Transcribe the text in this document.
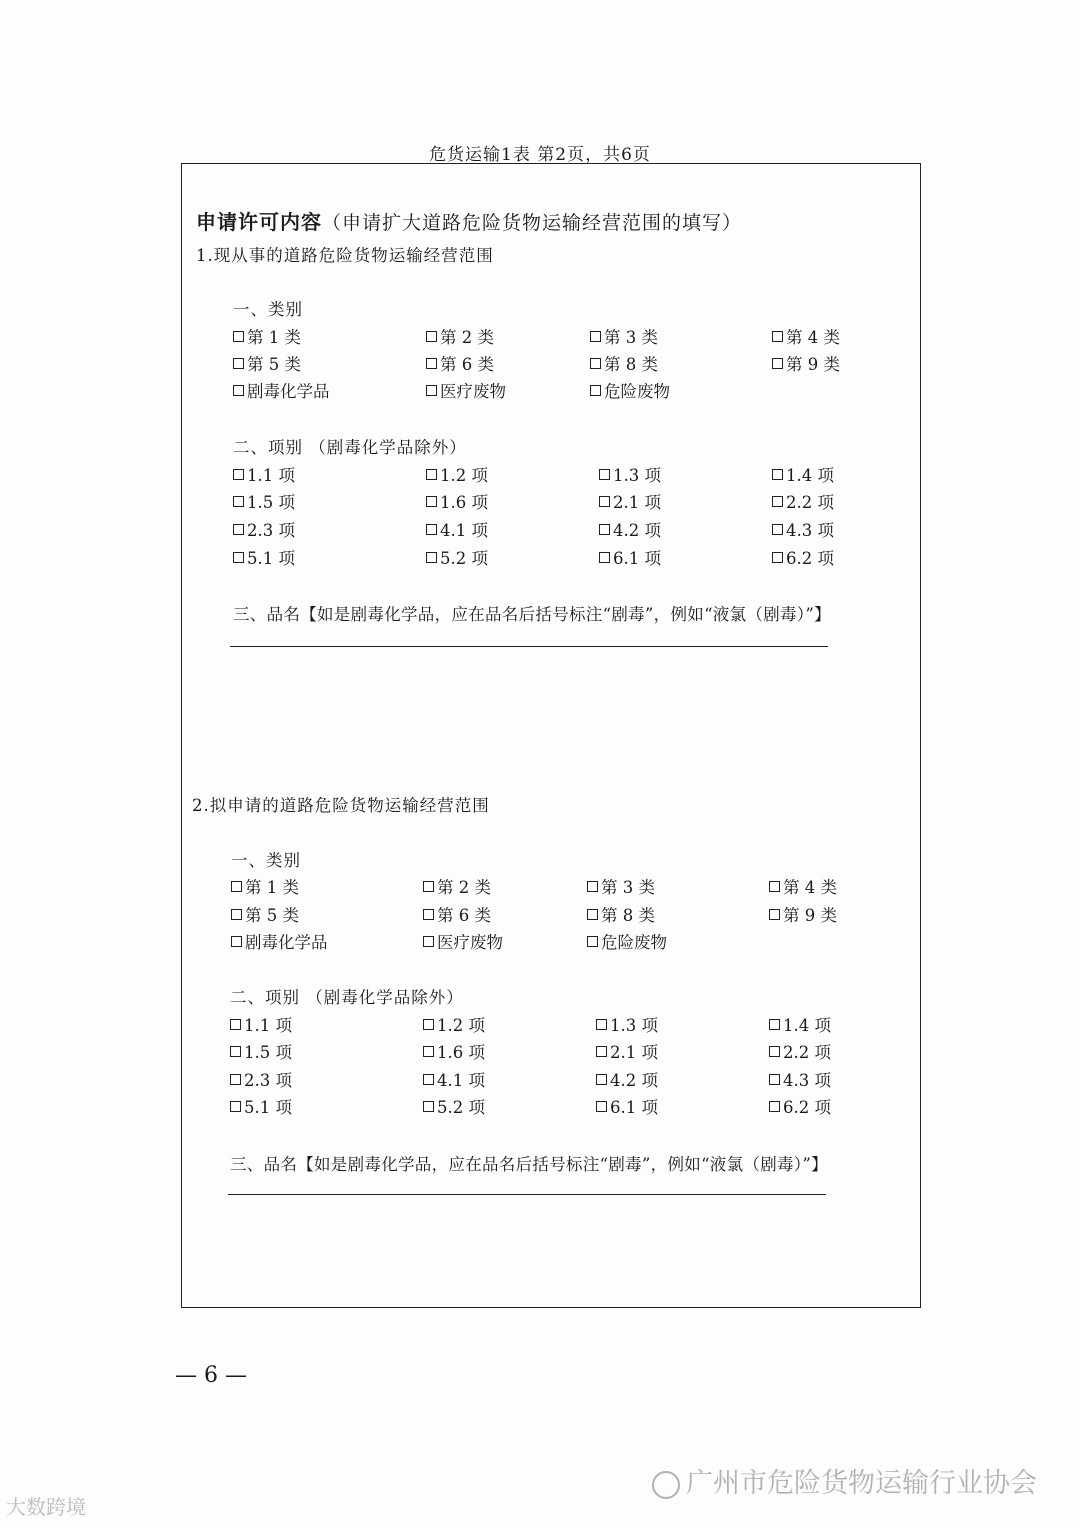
危货运输1表 第2页，共6页
申请许可内容（申请扩大道路危险货物运输经营范围的填写）
1.现从事的道路危险货物运输经营范围
一、类别
第 1 类	第 2 类	第 3 类	第 4 类
第 5 类	第 6 类	第 8 类	第 9 类
剧毒化学品	医疗废物	危险废物
二、项别 （剧毒化学品除外）
1.1 项	1.2 项	1.3 项	1.4 项
1.5 项	1.6 项	2.1 项	2.2 项
2.3 项	4.1 项	4.2 项	4.3 项
5.1 项	5.2 项	6.1 项	6.2 项
三、品名【如是剧毒化学品，应在品名后括号标注“剧毒”，例如“液氯（剧毒）”】
2.拟申请的道路危险货物运输经营范围
一、类别
第 1 类	第 2 类	第 3 类	第 4 类
第 5 类	第 6 类	第 8 类	第 9 类
剧毒化学品	医疗废物	危险废物
二、项别 （剧毒化学品除外）
1.1 项	1.2 项	1.3 项	1.4 项
1.5 项	1.6 项	2.1 项	2.2 项
2.3 项	4.1 项	4.2 项	4.3 项
5.1 项	5.2 项	6.1 项	6.2 项
三、品名【如是剧毒化学品，应在品名后括号标注“剧毒”，例如“液氯（剧毒）”】
— 6 —
大数跨境
广州市危险货物运输行业协会
